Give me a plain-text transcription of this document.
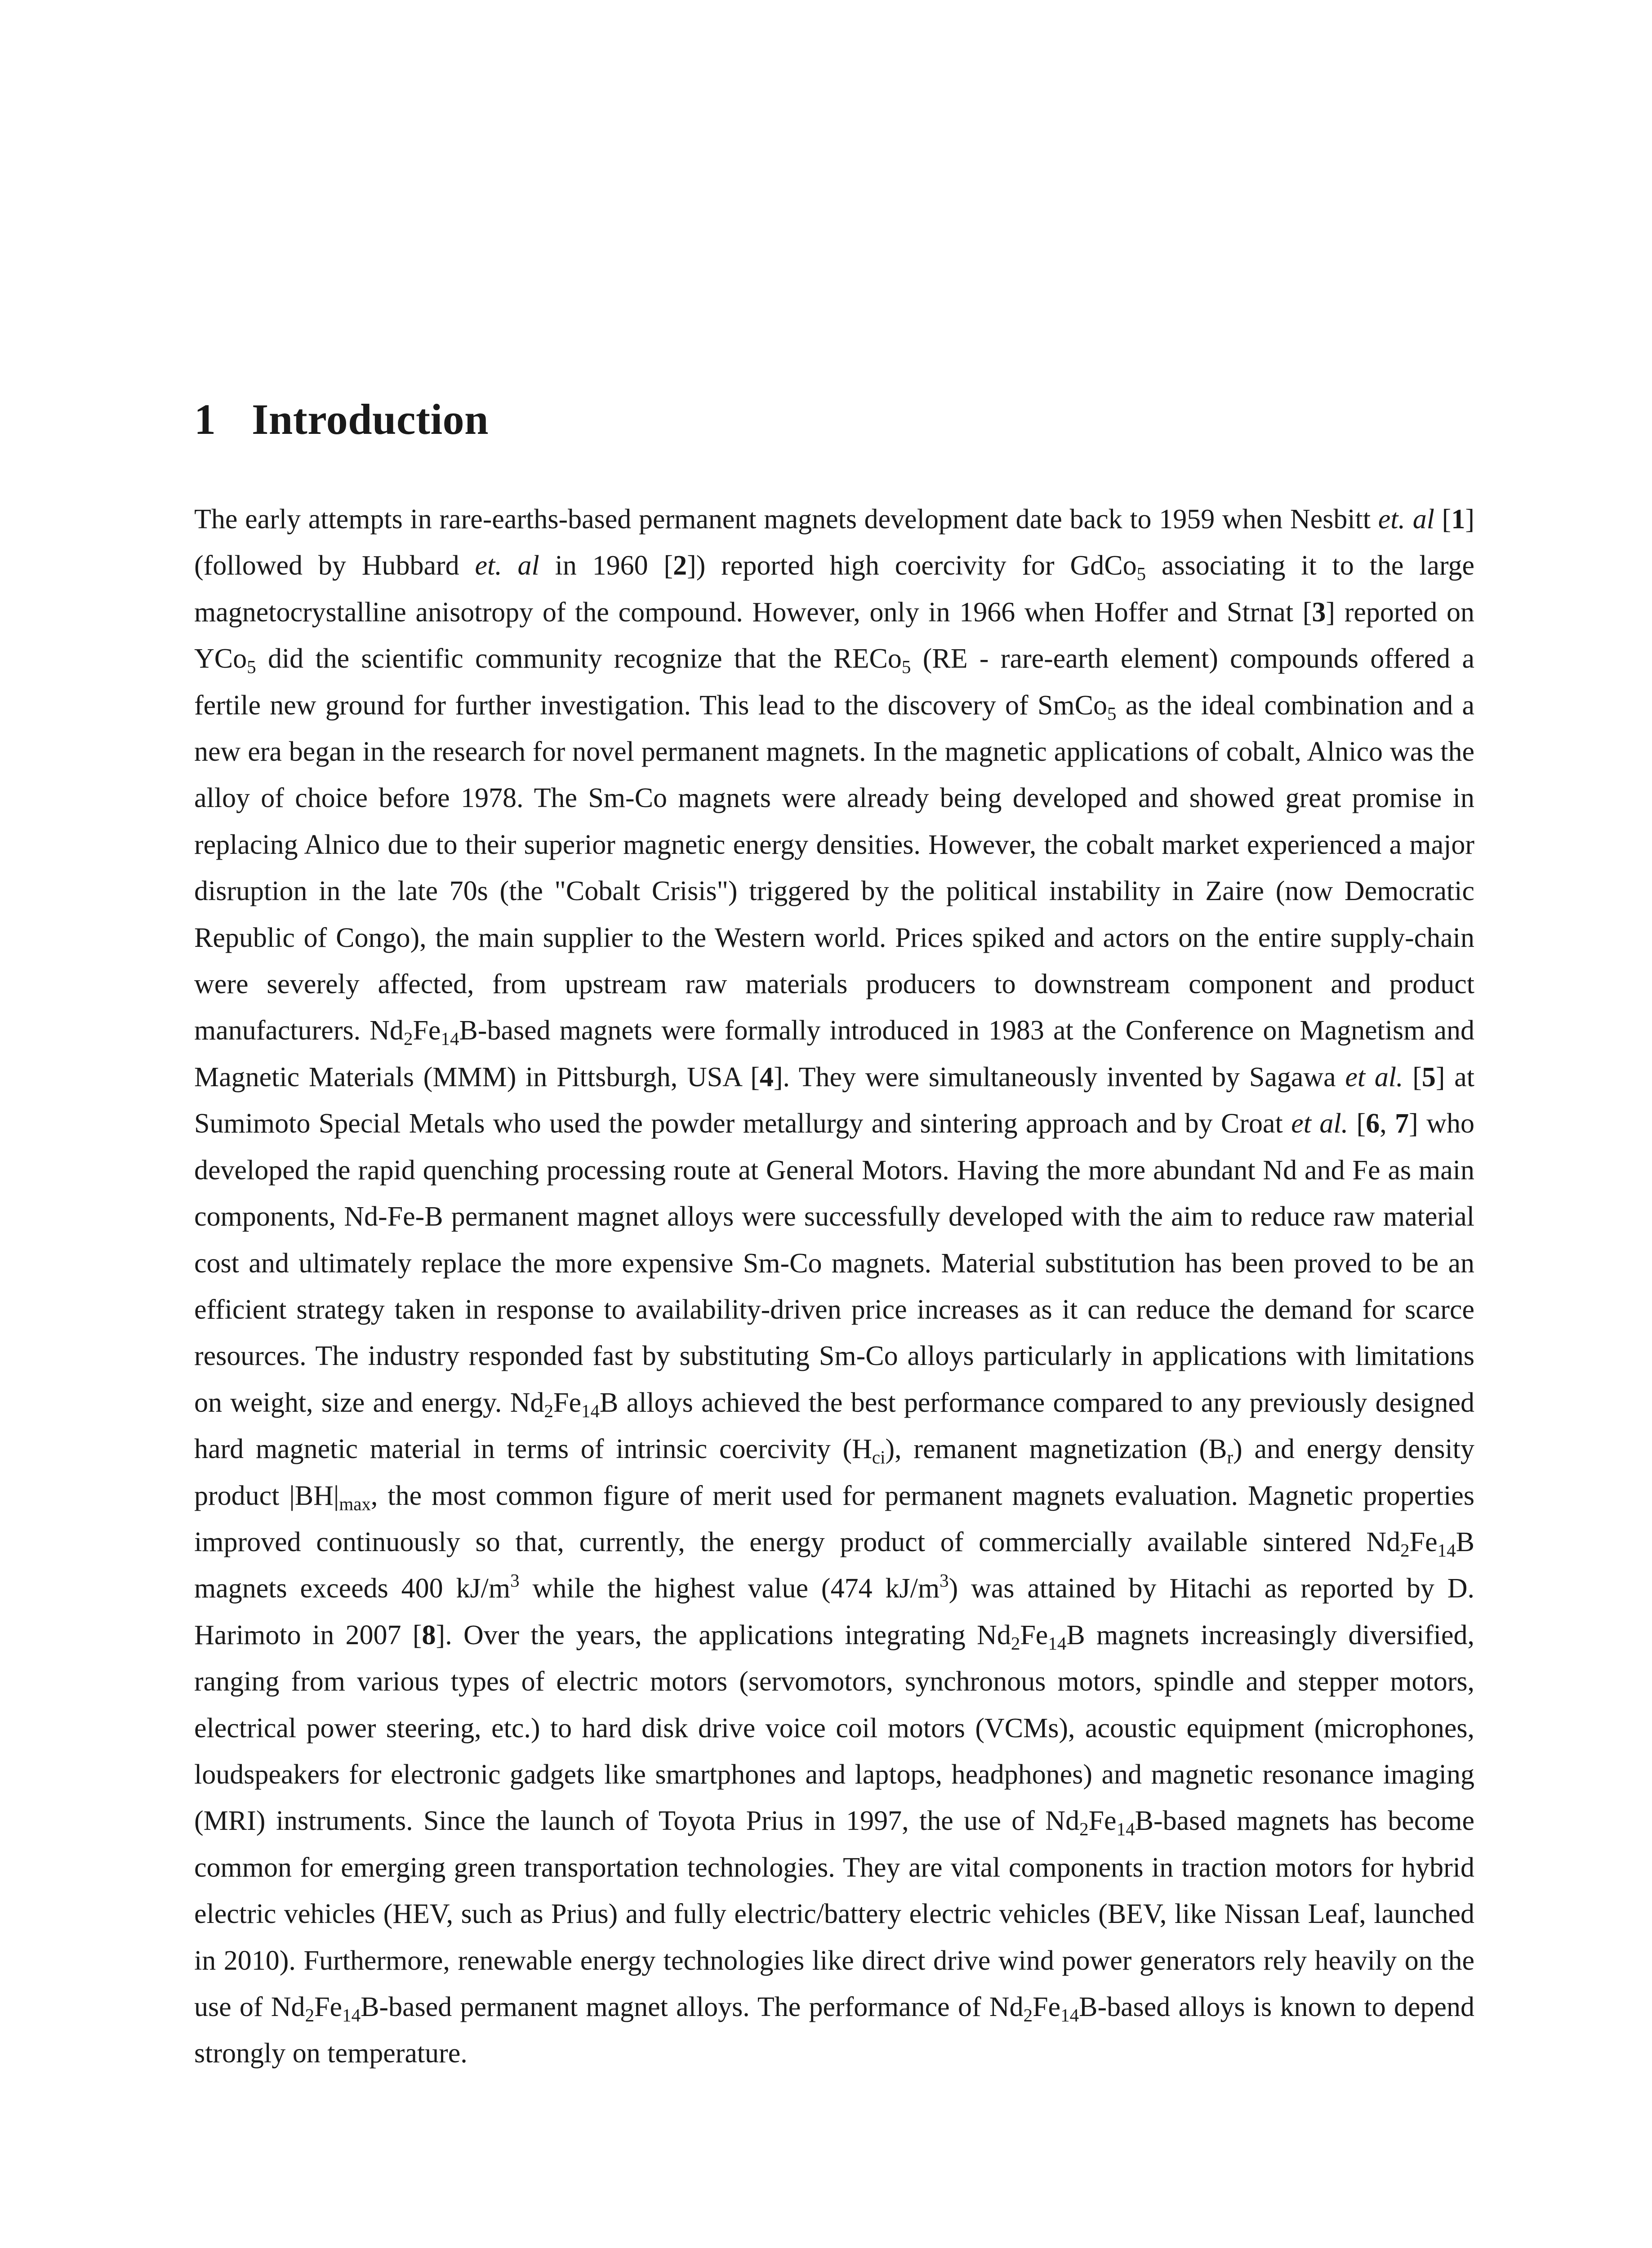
1 Introduction

The early attempts in rare-earths-based permanent magnets development date back to 1959 when Nesbitt et. al [1] (followed by Hubbard et. al in 1960 [2]) reported high coercivity for GdCo$_5$ associating it to the large magnetocrystalline anisotropy of the compound. However, only in 1966 when Hoffer and Strnat [3] reported on YCo$_5$ did the scientific community recognize that the RECo$_5$ (RE - rare-earth element) compounds offered a fertile new ground for further investigation. This lead to the discovery of SmCo$_5$ as the ideal combination and a new era began in the research for novel permanent magnets. In the magnetic applications of cobalt, Alnico was the alloy of choice before 1978. The Sm-Co magnets were already being developed and showed great promise in replacing Alnico due to their superior magnetic energy densities. However, the cobalt market experienced a major disruption in the late 70s (the "Cobalt Crisis") triggered by the political instability in Zaire (now Democratic Republic of Congo), the main supplier to the Western world. Prices spiked and actors on the entire supply-chain were severely affected, from upstream raw materials producers to downstream component and product manufacturers. $Nd_2Fe_{14}B$-based magnets were formally introduced in 1983 at the Conference on Magnetism and Magnetic Materials (MMM) in Pittsburgh, USA [4]. They were simultaneously invented by Sagawa et al. [5] at Sumimoto Special Metals who used the powder metallurgy and sintering approach and by Croat et al. [6, 7] who developed the rapid quenching processing route at General Motors. Having the more abundant Nd and Fe as main components, Nd-Fe-B permanent magnet alloys were successfully developed with the aim to reduce raw material cost and ultimately replace the more expensive Sm-Co magnets. Material substitution has been proved to be an efficient strategy taken in response to availability-driven price increases as it can reduce the demand for scarce resources. The industry responded fast by substituting Sm-Co alloys particularly in applications with limitations on weight, size and energy. $Nd_2Fe_{14}B$ alloys achieved the best performance compared to any previously designed hard magnetic material in terms of intrinsic coercivity $(H_{ci})$, remanent magnetization $(B_r)$ and energy density product $|BH|_{max}$, the most common figure of merit used for permanent magnets evaluation. Magnetic properties improved continuously so that, currently, the energy product of commercially available sintered $Nd_2Fe_{14}B$ magnets exceeds 400 $kJ/m^3$ while the highest value (474 $kJ/m^3$) was attained by Hitachi as reported by D. Harimoto in 2007 [8]. Over the years, the applications integrating $Nd_2Fe_{14}B$ magnets increasingly diversified, ranging from various types of electric motors (servomotors, synchronous motors, spindle and stepper motors, electrical power steering, etc.) to hard disk drive voice coil motors (VCMs), acoustic equipment (microphones, loudspeakers for electronic gadgets like smartphones and laptops, headphones) and magnetic resonance imaging (MRI) instruments. Since the launch of Toyota Prius in 1997, the use of $Nd_2Fe_{14}B$-based magnets has become common for emerging green transportation technologies. They are vital components in traction motors for hybrid electric vehicles (HEV, such as Prius) and fully electric/battery electric vehicles (BEV, like Nissan Leaf, launched in 2010). Furthermore, renewable energy technologies like direct drive wind power generators rely heavily on the use of $Nd_2Fe_{14}B$-based permanent magnet alloys. The performance of $Nd_2Fe_{14}B$-based alloys is known to depend strongly on temperature.
